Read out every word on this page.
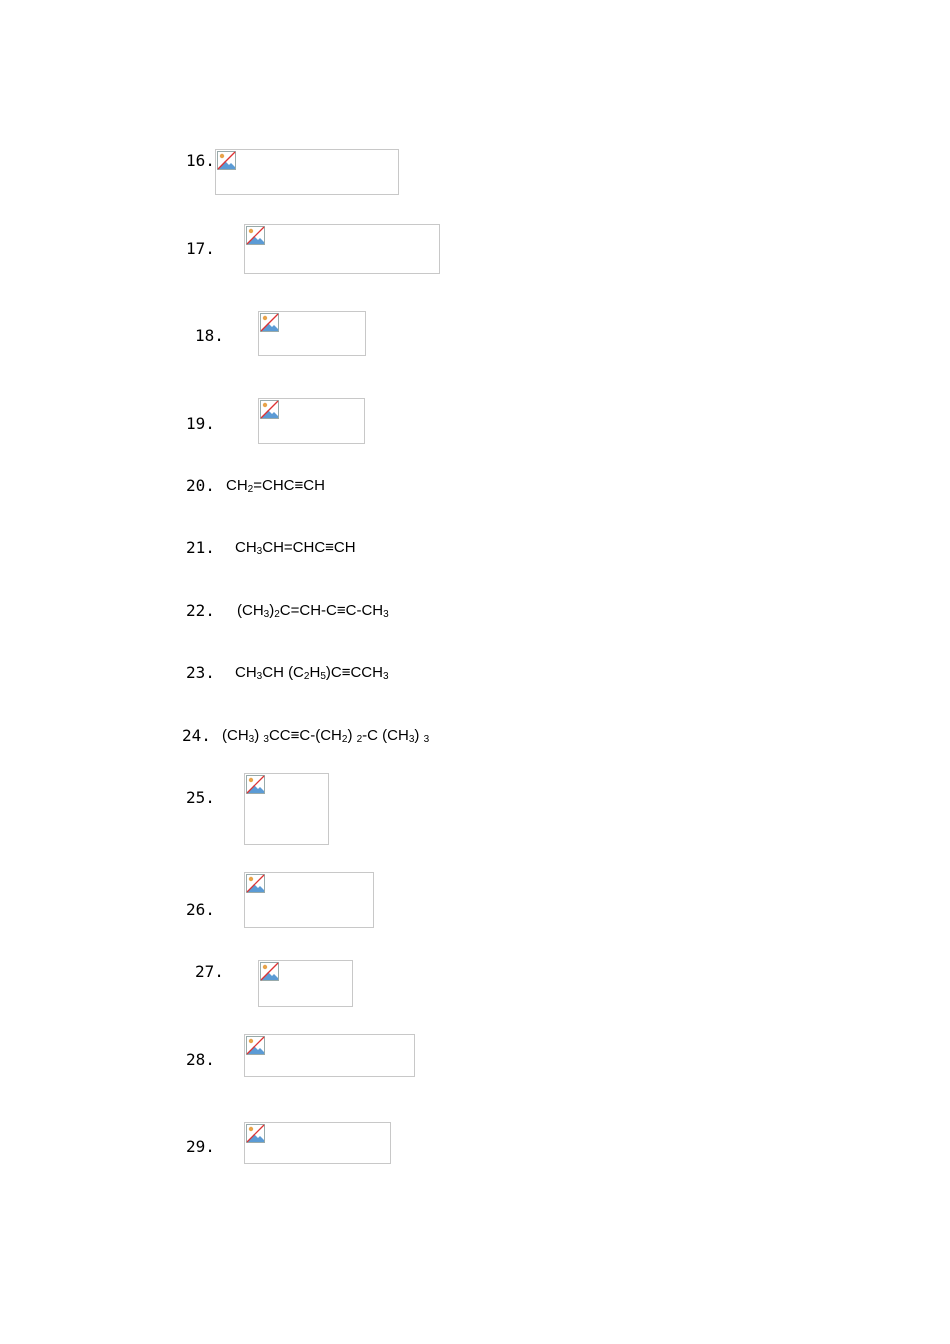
16.
17.
18.
19.
20. $CH_2=CHC\equiv CH$
21. $CH_3CH=CHC\equiv CH$
22. $(CH_3)_2C=CH-C\equiv C-CH_3$
23. $CH_3CH$ $(C_2H_5)C\equiv CCH_3$
24. $(CH_3)$ $_3CC\equiv C-(CH_2)$ $_2$-C $(CH_3)$ $_3$
25.
26.
27.
28.
29.
